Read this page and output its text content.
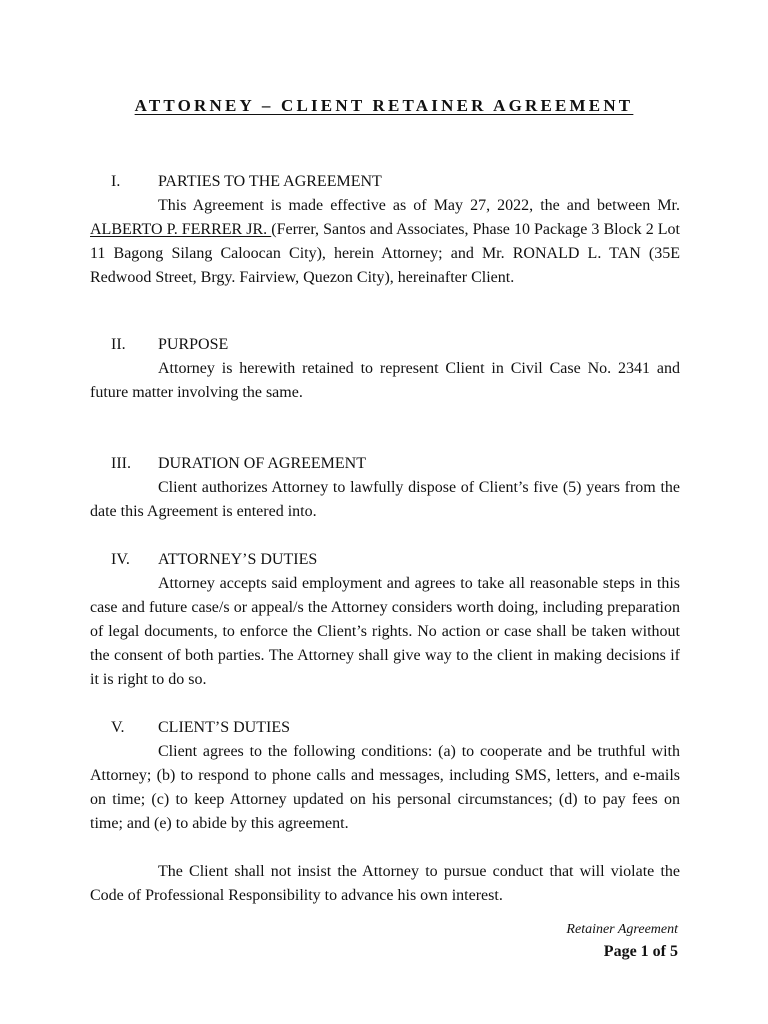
ATTORNEY – CLIENT RETAINER AGREEMENT
I. PARTIES TO THE AGREEMENT

This Agreement is made effective as of May 27, 2022, the and between Mr. ALBERTO P. FERRER JR. (Ferrer, Santos and Associates, Phase 10 Package 3 Block 2 Lot 11 Bagong Silang Caloocan City), herein Attorney; and Mr. RONALD L. TAN (35E Redwood Street, Brgy. Fairview, Quezon City), hereinafter Client.

II. PURPOSE

Attorney is herewith retained to represent Client in Civil Case No. 2341 and future matter involving the same.

III. DURATION OF AGREEMENT

Client authorizes Attorney to lawfully dispose of Client’s five (5) years from the date this Agreement is entered into.

IV. ATTORNEY’S DUTIES

Attorney accepts said employment and agrees to take all reasonable steps in this case and future case/s or appeal/s the Attorney considers worth doing, including preparation of legal documents, to enforce the Client’s rights. No action or case shall be taken without the consent of both parties. The Attorney shall give way to the client in making decisions if it is right to do so.

V. CLIENT’S DUTIES

Client agrees to the following conditions: (a) to cooperate and be truthful with Attorney; (b) to respond to phone calls and messages, including SMS, letters, and e-mails on time; (c) to keep Attorney updated on his personal circumstances; (d) to pay fees on time; and (e) to abide by this agreement.

The Client shall not insist the Attorney to pursue conduct that will violate the Code of Professional Responsibility to advance his own interest.

Retainer Agreement
Page 1 of 5
